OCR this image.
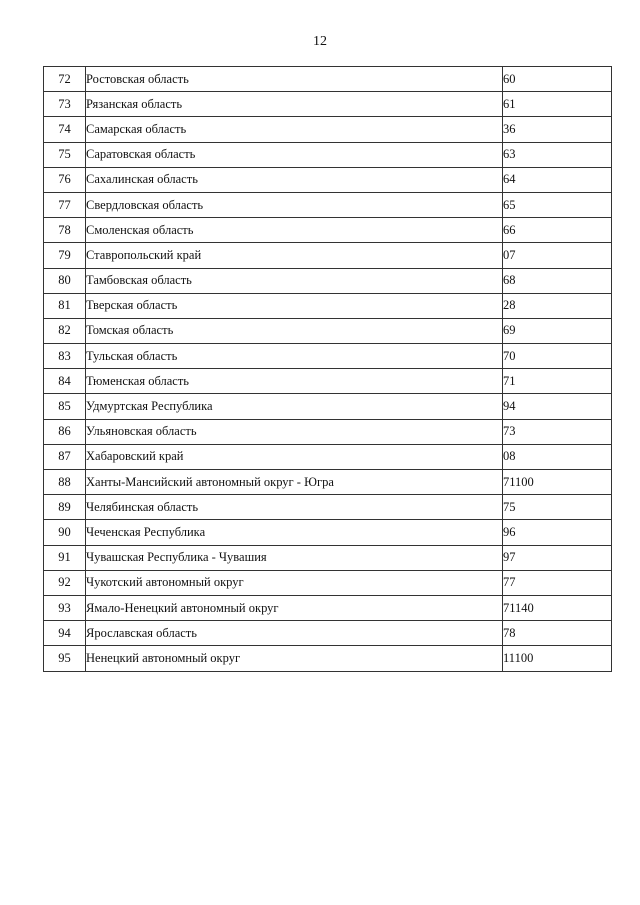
12
72	Ростовская область	60
73	Рязанская область	61
74	Самарская область	36
75	Саратовская область	63
76	Сахалинская область	64
77	Свердловская область	65
78	Смоленская область	66
79	Ставропольский край	07
80	Тамбовская область	68
81	Тверская область	28
82	Томская область	69
83	Тульская область	70
84	Тюменская область	71
85	Удмуртская Республика	94
86	Ульяновская область	73
87	Хабаровский край	08
88	Ханты-Мансийский автономный округ - Югра	71100
89	Челябинская область	75
90	Чеченская Республика	96
91	Чувашская Республика - Чувашия	97
92	Чукотский автономный округ	77
93	Ямало-Ненецкий автономный округ	71140
94	Ярославская область	78
95	Ненецкий автономный округ	11100
